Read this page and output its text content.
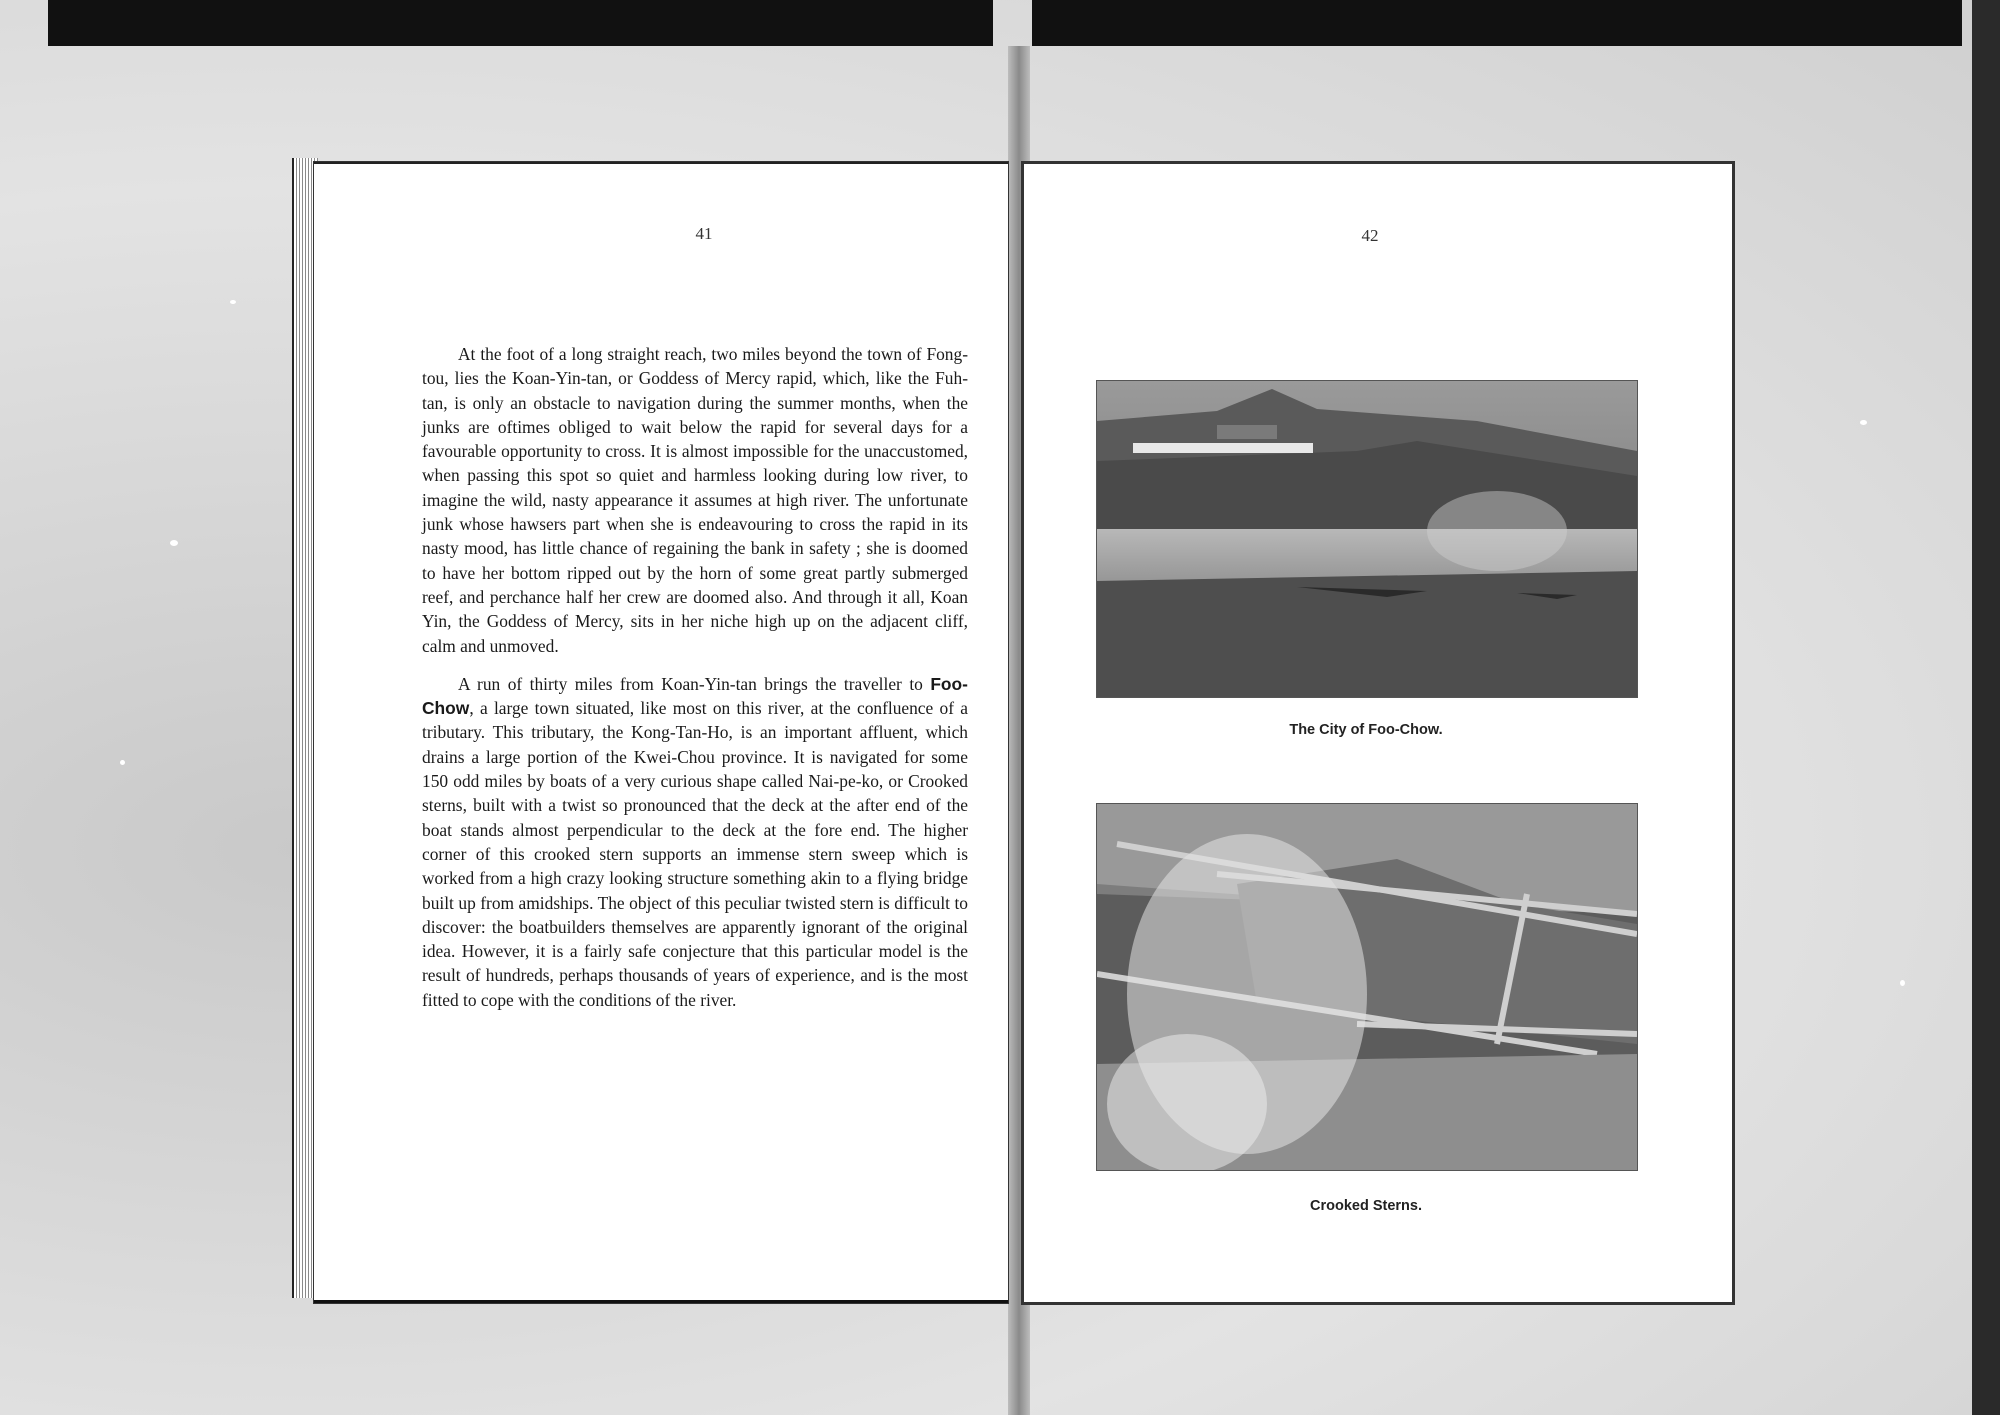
41

At the foot of a long straight reach, two miles beyond the town of Fong-tou, lies the Koan-Yin-tan, or Goddess of Mercy rapid, which, like the Fuh-tan, is only an obstacle to navigation during the summer months, when the junks are oftimes obliged to wait below the rapid for several days for a favourable opportunity to cross. It is almost impossible for the unaccustomed, when passing this spot so quiet and harmless looking during low river, to imagine the wild, nasty appearance it assumes at high river. The unfortunate junk whose hawsers part when she is endeavouring to cross the rapid in its nasty mood, has little chance of regaining the bank in safety ; she is doomed to have her bottom ripped out by the horn of some great partly submerged reef, and perchance half her crew are doomed also. And through it all, Koan Yin, the Goddess of Mercy, sits in her niche high up on the adjacent cliff, calm and unmoved.

A run of thirty miles from Koan-Yin-tan brings the traveller to Foo-Chow, a large town situated, like most on this river, at the confluence of a tributary. This tributary, the Kong-Tan-Ho, is an important affluent, which drains a large portion of the Kwei-Chou province. It is navigated for some 150 odd miles by boats of a very curious shape called Nai-pe-ko, or Crooked sterns, built with a twist so pronounced that the deck at the after end of the boat stands almost perpendicular to the deck at the fore end. The higher corner of this crooked stern supports an immense stern sweep which is worked from a high crazy looking structure something akin to a flying bridge built up from amidships. The object of this peculiar twisted stern is difficult to discover: the boatbuilders themselves are apparently ignorant of the original idea. However, it is a fairly safe conjecture that this particular model is the result of hundreds, perhaps thousands of years of experience, and is the most fitted to cope with the conditions of the river.

42
The City of Foo-Chow.
Crooked Sterns.
